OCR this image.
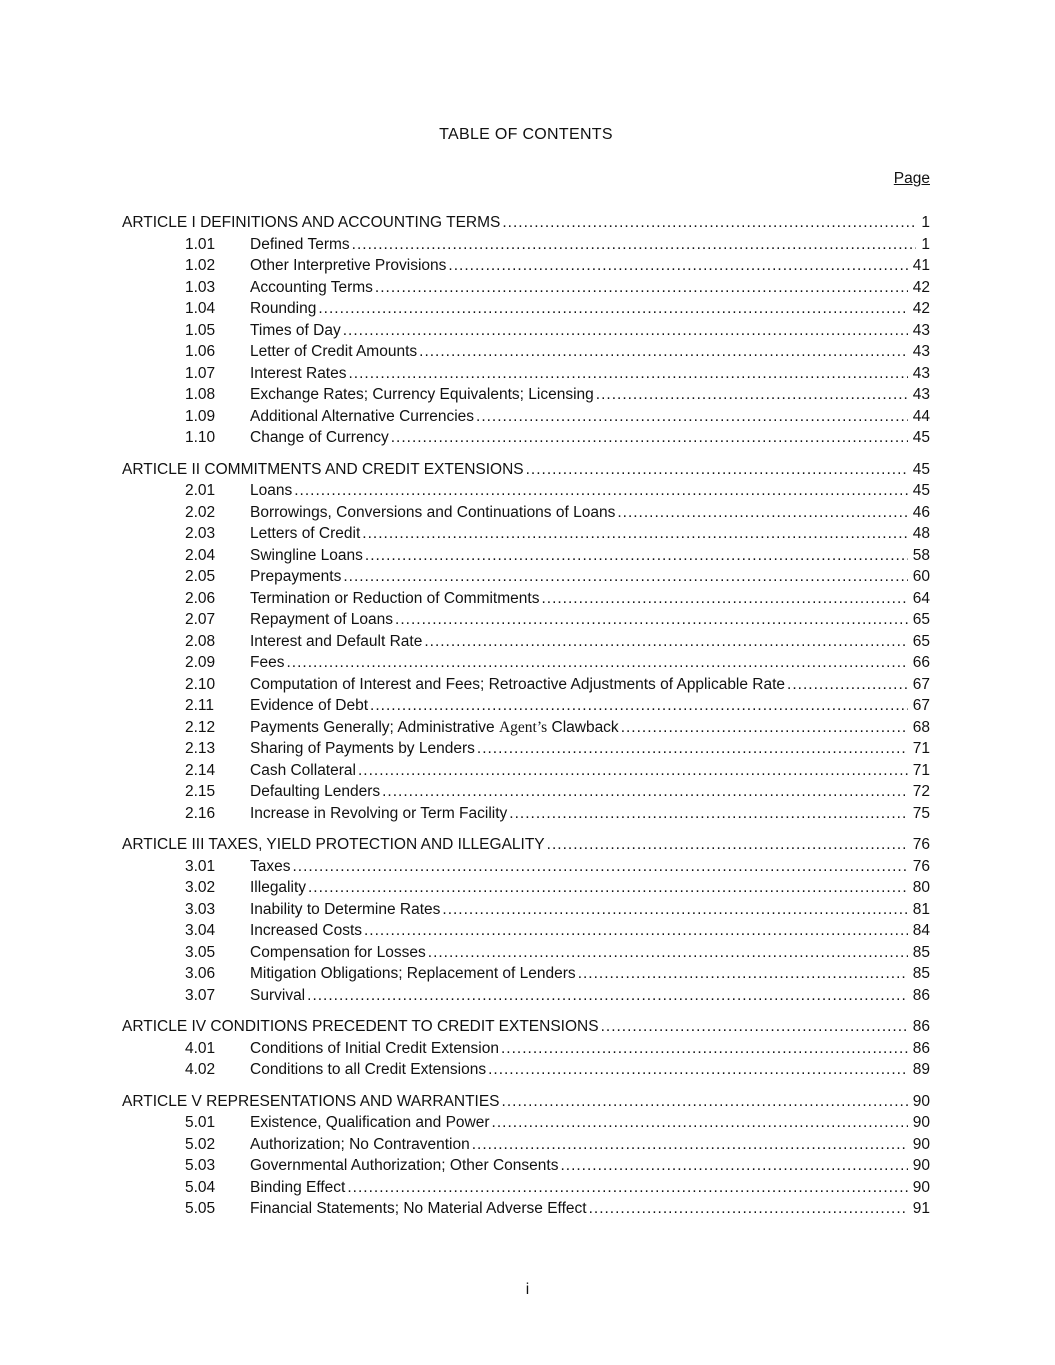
TABLE OF CONTENTS
Page
ARTICLE I DEFINITIONS AND ACCOUNTING TERMS .....	1
1.01	Defined Terms .....	1
1.02	Other Interpretive Provisions .....	41
1.03	Accounting Terms .....	42
1.04	Rounding .....	42
1.05	Times of Day .....	43
1.06	Letter of Credit Amounts .....	43
1.07	Interest Rates .....	43
1.08	Exchange Rates; Currency Equivalents; Licensing .....	43
1.09	Additional Alternative Currencies .....	44
1.10	Change of Currency .....	45
ARTICLE II COMMITMENTS AND CREDIT EXTENSIONS .....	45
2.01	Loans .....	45
2.02	Borrowings, Conversions and Continuations of Loans .....	46
2.03	Letters of Credit .....	48
2.04	Swingline Loans .....	58
2.05	Prepayments .....	60
2.06	Termination or Reduction of Commitments .....	64
2.07	Repayment of Loans .....	65
2.08	Interest and Default Rate .....	65
2.09	Fees .....	66
2.10	Computation of Interest and Fees; Retroactive Adjustments of Applicable Rate .....	67
2.11	Evidence of Debt .....	67
2.12	Payments Generally; Administrative Agent’s Clawback .....	68
2.13	Sharing of Payments by Lenders .....	71
2.14	Cash Collateral .....	71
2.15	Defaulting Lenders .....	72
2.16	Increase in Revolving or Term Facility .....	75
ARTICLE III TAXES, YIELD PROTECTION AND ILLEGALITY .....	76
3.01	Taxes .....	76
3.02	Illegality .....	80
3.03	Inability to Determine Rates .....	81
3.04	Increased Costs .....	84
3.05	Compensation for Losses .....	85
3.06	Mitigation Obligations; Replacement of Lenders .....	85
3.07	Survival .....	86
ARTICLE IV CONDITIONS PRECEDENT TO CREDIT EXTENSIONS .....	86
4.01	Conditions of Initial Credit Extension .....	86
4.02	Conditions to all Credit Extensions .....	89
ARTICLE V REPRESENTATIONS AND WARRANTIES .....	90
5.01	Existence, Qualification and Power .....	90
5.02	Authorization; No Contravention .....	90
5.03	Governmental Authorization; Other Consents .....	90
5.04	Binding Effect .....	90
5.05	Financial Statements; No Material Adverse Effect .....	91
i
